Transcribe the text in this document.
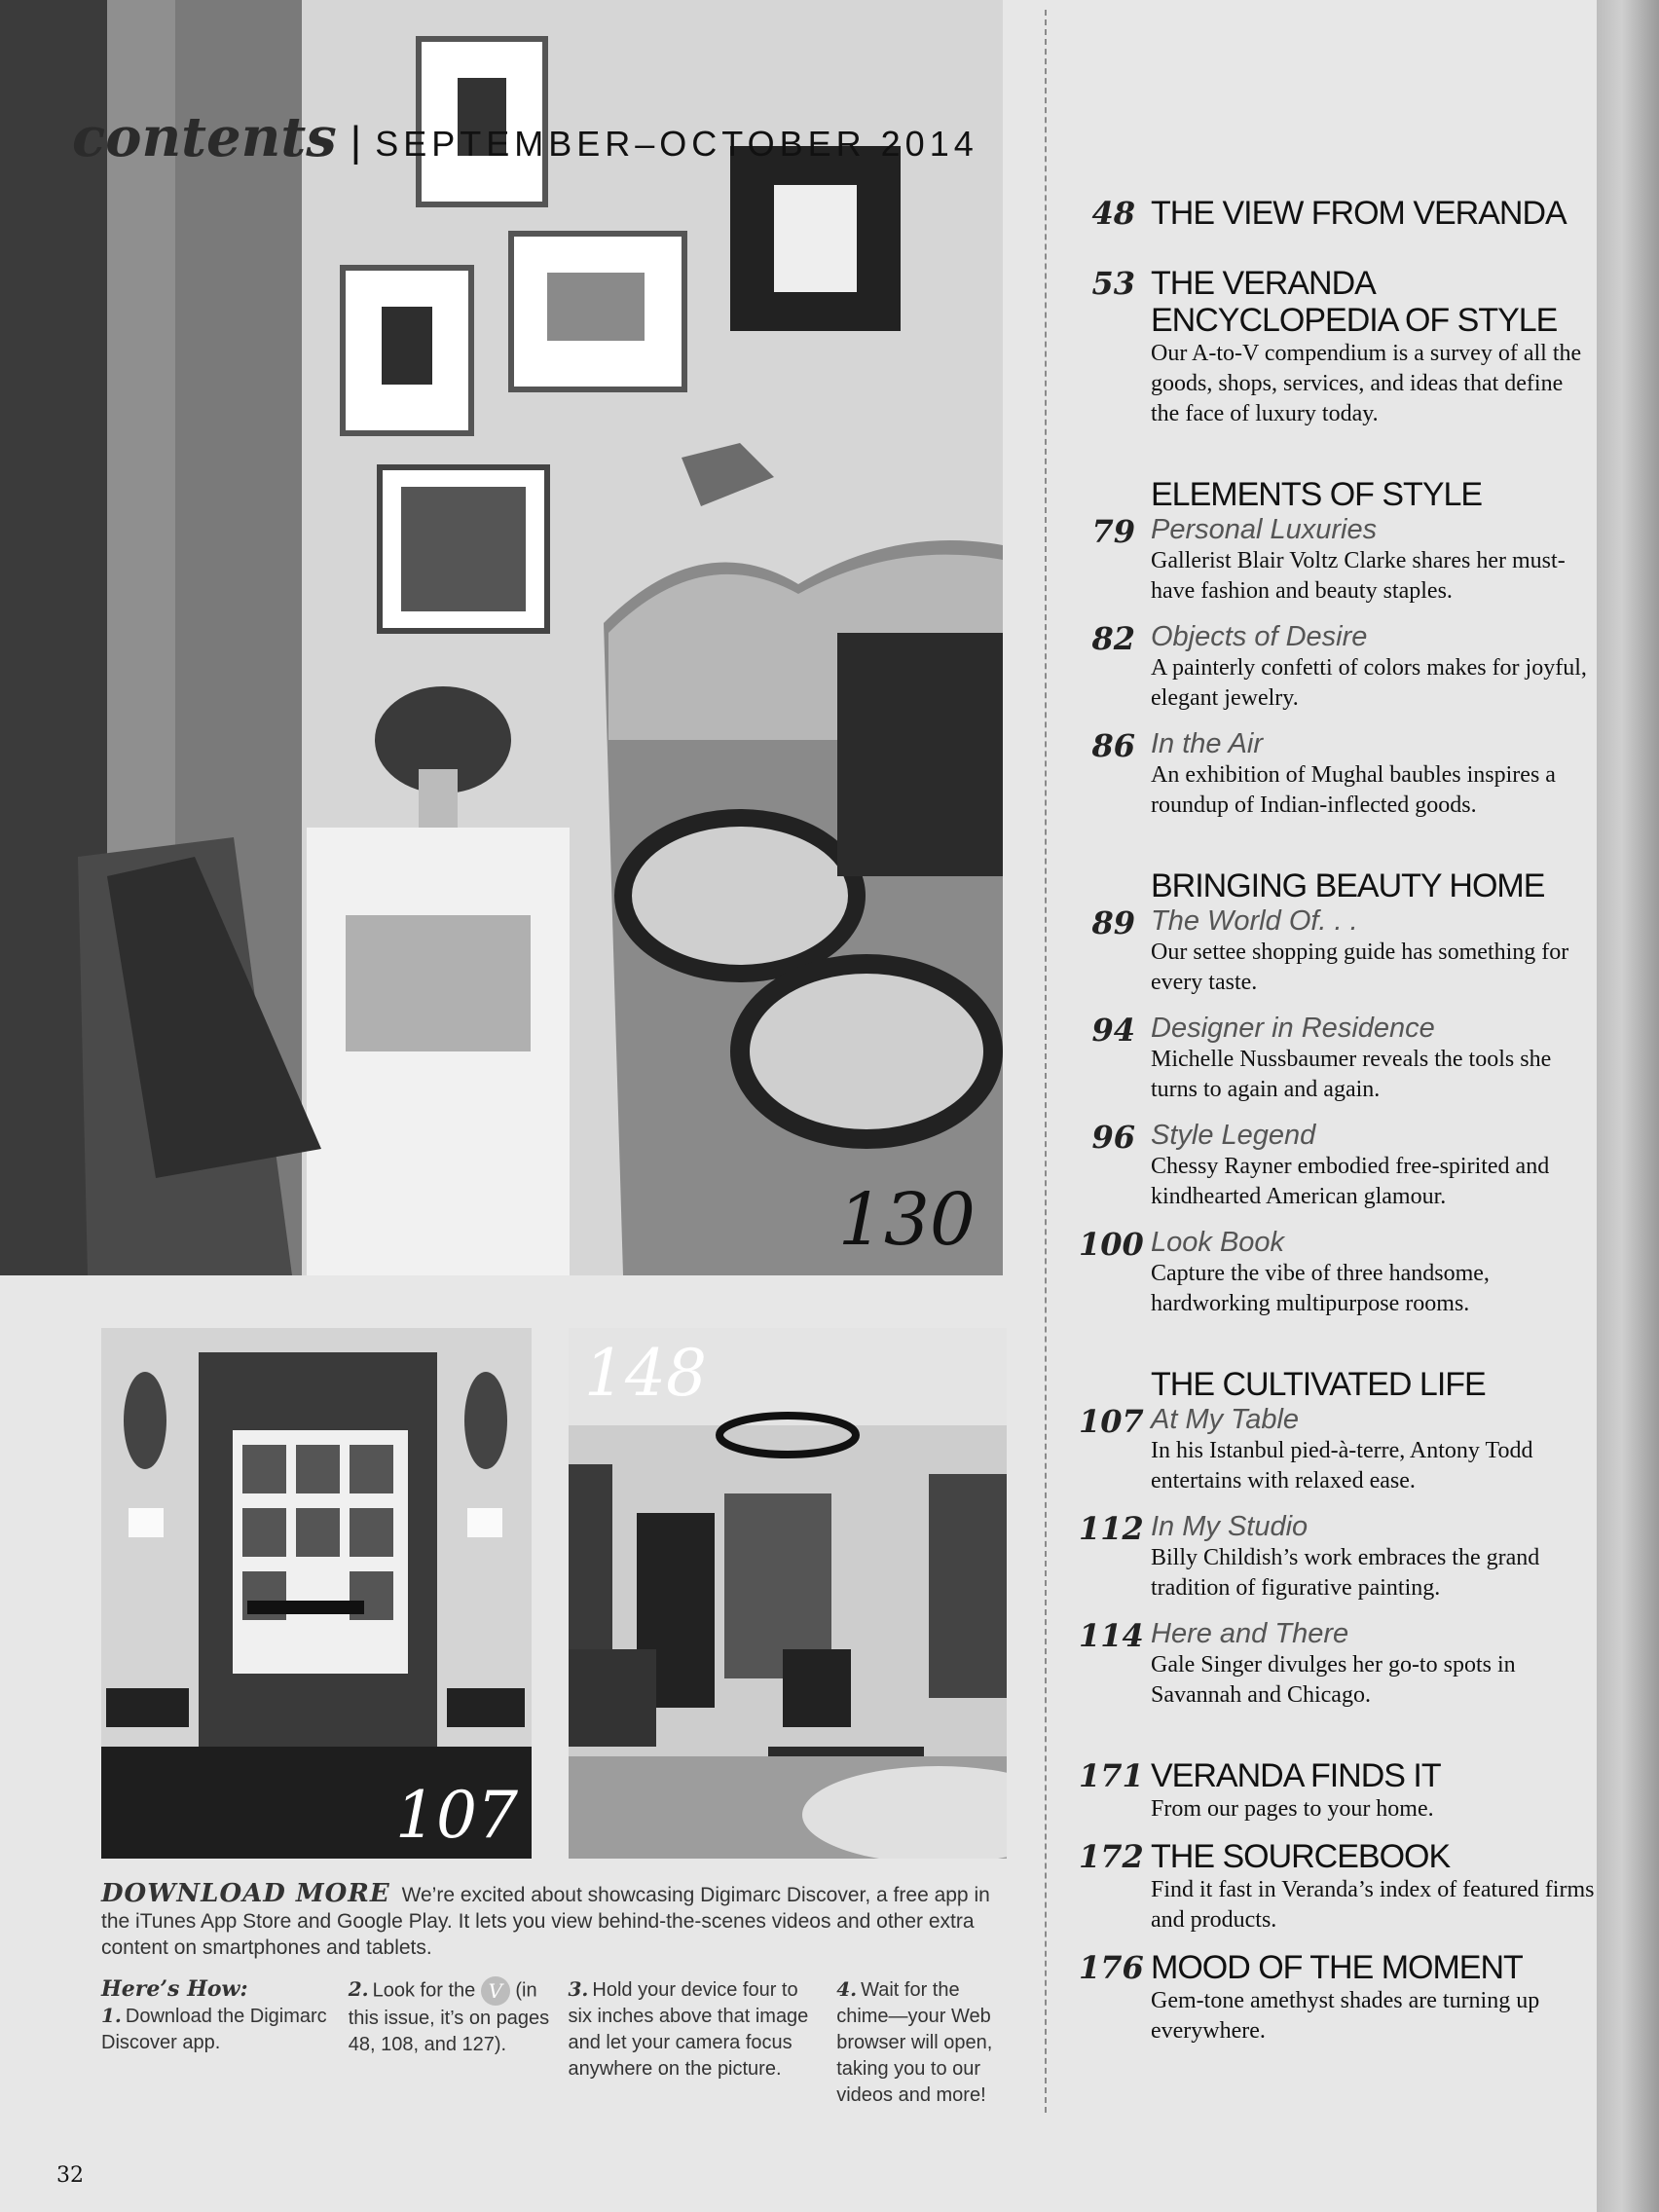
130
contents | SEPTEMBER–OCTOBER 2014
107
148
48 THE VIEW FROM VERANDA
53 THE VERANDA ENCYCLOPEDIA OF STYLE
Our A-to-V compendium is a survey of all the goods, shops, services, and ideas that define the face of luxury today.
ELEMENTS OF STYLE
79 Personal Luxuries
Gallerist Blair Voltz Clarke shares her must-have fashion and beauty staples.
82 Objects of Desire
A painterly confetti of colors makes for joyful, elegant jewelry.
86 In the Air
An exhibition of Mughal baubles inspires a roundup of Indian-inflected goods.
BRINGING BEAUTY HOME
89 The World Of. . .
Our settee shopping guide has something for every taste.
94 Designer in Residence
Michelle Nussbaumer reveals the tools she turns to again and again.
96 Style Legend
Chessy Rayner embodied free-spirited and kindhearted American glamour.
100 Look Book
Capture the vibe of three handsome, hardworking multipurpose rooms.
THE CULTIVATED LIFE
107 At My Table
In his Istanbul pied-à-terre, Antony Todd entertains with relaxed ease.
112 In My Studio
Billy Childish’s work embraces the grand tradition of figurative painting.
114 Here and There
Gale Singer divulges her go-to spots in Savannah and Chicago.
171 VERANDA FINDS IT
From our pages to your home.
172 THE SOURCEBOOK
Find it fast in Veranda’s index of featured firms and products.
176 MOOD OF THE MOMENT
Gem-tone amethyst shades are turning up everywhere.
DOWNLOAD MORE We’re excited about showcasing Digimarc Discover, a free app in the iTunes App Store and Google Play. It lets you view behind-the-scenes videos and other extra content on smartphones and tablets.
Here’s How:
1. Download the Digimarc Discover app.
2. Look for the V (in this issue, it’s on pages 48, 108, and 127).
3. Hold your device four to six inches above that image and let your camera focus anywhere on the picture.
4. Wait for the chime—your Web browser will open, taking you to our videos and more!
32
